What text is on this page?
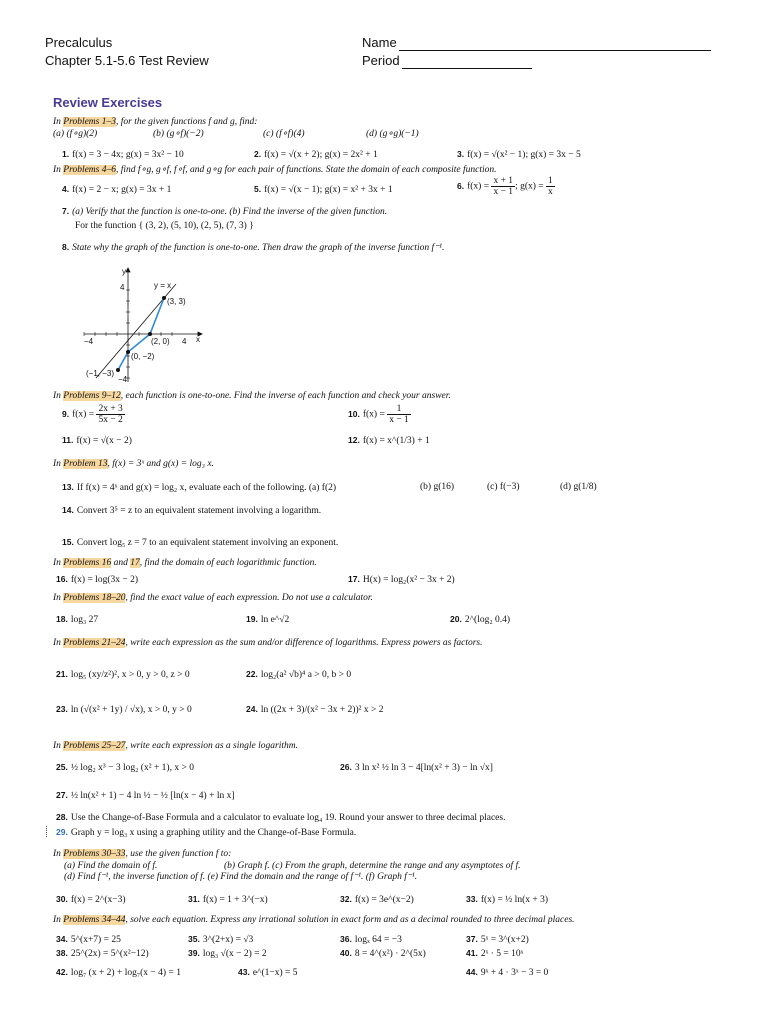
Precalculus
Chapter 5.1-5.6 Test Review
Name
Period
Review Exercises
In Problems 1–3, for the given functions f and g, find:
(a) (f∘g)(2)	(b) (g∘f)(−2)	(c) (f∘f)(4)	(d) (g∘g)(−1)
1. f(x) = 3 − 4x; g(x) = 3x² − 10	2. f(x) = √(x + 2); g(x) = 2x² + 1	3. f(x) = √(x² − 1); g(x) = 3x − 5
In Problems 4–6, find f∘g, g∘f, f∘f, and g∘g for each pair of functions. State the domain of each composite function.
4. f(x) = 2 − x; g(x) = 3x + 1	5. f(x) = √(x − 1); g(x) = x² + 3x + 1	6. $f(x) = \frac{x + 1}{x - 1}$ ; $g(x) = \frac{1}{x}$
7. (a) Verify that the function is one-to-one. (b) Find the inverse of the given function.
For the function { (3, 2), (5, 10), (2, 5), (7, 3) }
8. State why the graph of the function is one-to-one. Then draw the graph of the inverse function f⁻¹.
y
x
4
−4
−4	4
y = x
(3, 3)
(2, 0)
(0, −2)
(−1, −3)
In Problems 9–12, each function is one-to-one. Find the inverse of each function and check your answer.
9. $f(x) = \frac{2x + 3}{5x - 2}$	10. $f(x) = \frac{1}{x - 1}$
11. f(x) = √(x − 2)	12. f(x) = x^(1/3) + 1
In Problem 13, f(x) = 3ˣ and g(x) = log₃ x.
13. If f(x) = 4ˣ and g(x) = log₂ x, evaluate each of the following. (a) f(2)	(b) g(16)	(c) f(−3)	(d) g(1/8)
14. Convert 3⁵ = z to an equivalent statement involving a logarithm.
15. Convert log₅ z = 7 to an equivalent statement involving an exponent.
In Problems 16 and 17, find the domain of each logarithmic function.
16. f(x) = log(3x − 2)	17. H(x) = log₂(x² − 3x + 2)
In Problems 18–20, find the exact value of each expression. Do not use a calculator.
18. log₃ 27	19. ln e^√2	20. 2^(log₂ 0.4)
In Problems 21–24, write each expression as the sum and/or difference of logarithms. Express powers as factors.
21. log₅ (xy/z²)², x > 0, y > 0, z > 0	22. log₂(a² √b)⁴ a > 0, b > 0
23. ln (√(x² + 1y) / √x), x > 0, y > 0	24. ln ((2x + 3)/(x² − 3x + 2))² x > 2
In Problems 25–27, write each expression as a single logarithm.
25. ½ log₂ x³ − 3 log₂ (x² + 1), x > 0	26. 3 ln x² ½ ln 3 − 4[ln(x² + 3) − ln √x]
27. ½ ln(x² + 1) − 4 ln ½ − ½ [ln(x − 4) + ln x]
28. Use the Change-of-Base Formula and a calculator to evaluate log₄ 19. Round your answer to three decimal places.
29. Graph y = log₃ x using a graphing utility and the Change-of-Base Formula.
In Problems 30–33, use the given function f to:
(a) Find the domain of f.	(b) Graph f. (c) From the graph, determine the range and any asymptotes of f.
(d) Find f⁻¹, the inverse function of f. (e) Find the domain and the range of f⁻¹. (f) Graph f⁻¹.
30. f(x) = 2^(x−3)	31. f(x) = 1 + 3^(−x)	32. f(x) = 3e^(x−2)	33. f(x) = ½ ln(x + 3)
In Problems 34–44, solve each equation. Express any irrational solution in exact form and as a decimal rounded to three decimal places.
34. 5^(x+7) = 25	35. 3^(2+x) = √3	36. logₓ 64 = −3	37. 5ˣ = 3^(x+2)
38. 25^(2x) = 5^(x²−12)	39. log₃ √(x − 2) = 2	40. 8 = 4^(x²) · 2^(5x)	41. 2ˣ · 5 = 10ˣ
42. log₇ (x + 2) + log₇(x − 4) = 1	43. e^(1−x) = 5	44. 9ˣ + 4 · 3ˣ − 3 = 0
